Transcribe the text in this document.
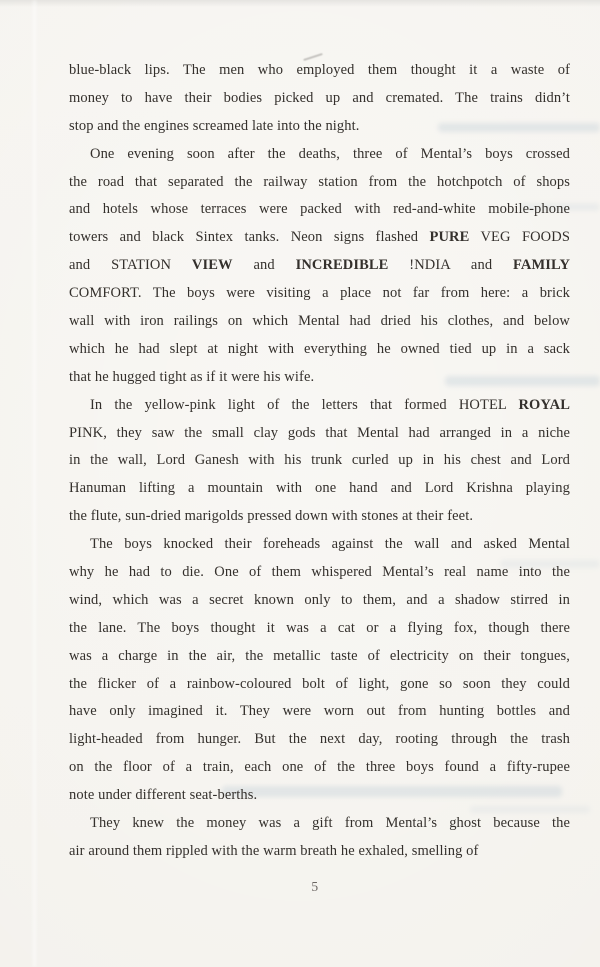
blue-black lips. The men who employed them thought it a waste of
money to have their bodies picked up and cremated. The trains didn’t
stop and the engines screamed late into the night.
One evening soon after the deaths, three of Mental’s boys crossed
the road that separated the railway station from the hotchpotch of shops
and hotels whose terraces were packed with red-and-white mobile-phone
towers and black Sintex tanks. Neon signs flashed PURE VEG FOODS
and STATION VIEW and INCREDIBLE !NDIA and FAMILY
COMFORT. The boys were visiting a place not far from here: a brick
wall with iron railings on which Mental had dried his clothes, and below
which he had slept at night with everything he owned tied up in a sack
that he hugged tight as if it were his wife.
In the yellow-pink light of the letters that formed HOTEL ROYAL
PINK, they saw the small clay gods that Mental had arranged in a niche
in the wall, Lord Ganesh with his trunk curled up in his chest and Lord
Hanuman lifting a mountain with one hand and Lord Krishna playing
the flute, sun-dried marigolds pressed down with stones at their feet.
The boys knocked their foreheads against the wall and asked Mental
why he had to die. One of them whispered Mental’s real name into the
wind, which was a secret known only to them, and a shadow stirred in
the lane. The boys thought it was a cat or a flying fox, though there
was a charge in the air, the metallic taste of electricity on their tongues,
the flicker of a rainbow-coloured bolt of light, gone so soon they could
have only imagined it. They were worn out from hunting bottles and
light-headed from hunger. But the next day, rooting through the trash
on the floor of a train, each one of the three boys found a fifty-rupee
note under different seat-berths.
They knew the money was a gift from Mental’s ghost because the
air around them rippled with the warm breath he exhaled, smelling of
5
